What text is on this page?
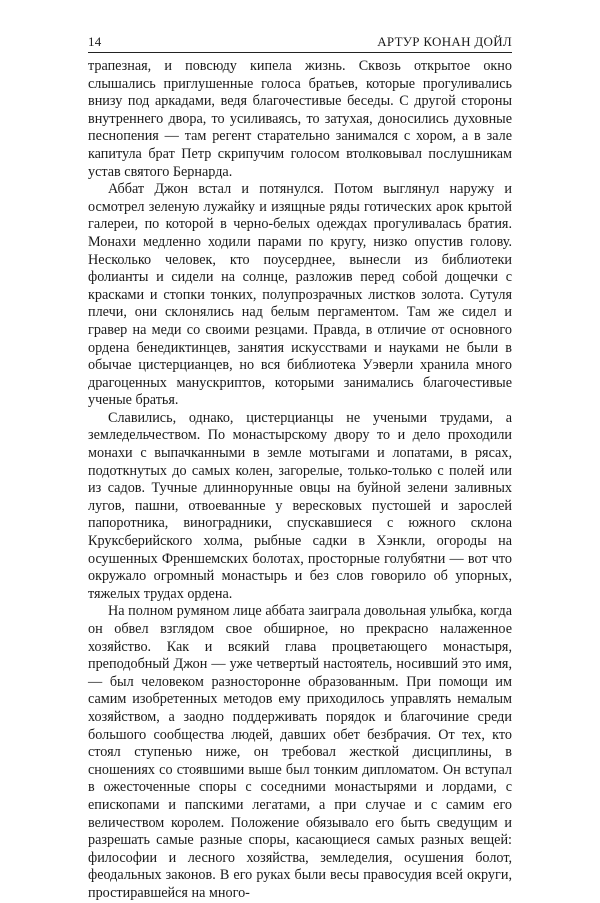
14	АРТУР КОНАН ДОЙЛ

трапезная, и повсюду кипела жизнь. Сквозь открытое окно слышались приглушенные голоса братьев, которые прогуливались внизу под аркадами, ведя благочестивые беседы. С другой стороны внутреннего двора, то усиливаясь, то затухая, доносились духовные песнопения — там регент старательно занимался с хором, а в зале капитула брат Петр скрипучим голосом втолковывал послушникам устав святого Бернарда.

Аббат Джон встал и потянулся. Потом выглянул наружу и осмотрел зеленую лужайку и изящные ряды готических арок крытой галереи, по которой в черно-белых одеждах прогуливалась братия. Монахи медленно ходили парами по кругу, низко опустив голову. Несколько человек, кто поусерднее, вынесли из библиотеки фолианты и сидели на солнце, разложив перед собой дощечки с красками и стопки тонких, полупрозрачных листков золота. Сутуля плечи, они склонялись над белым пергаментом. Там же сидел и гравер на меди со своими резцами. Правда, в отличие от основного ордена бенедиктинцев, занятия искусствами и науками не были в обычае цистерцианцев, но вся библиотека Уэверли хранила много драгоценных манускриптов, которыми занимались благочестивые ученые братья.

Славились, однако, цистерцианцы не учеными трудами, а земледельчеством. По монастырскому двору то и дело проходили монахи с выпачканными в земле мотыгами и лопатами, в рясах, подоткнутых до самых колен, загорелые, только-только с полей или из садов. Тучные длиннорунные овцы на буйной зелени заливных лугов, пашни, отвоеванные у вересковых пустошей и зарослей папоротника, виноградники, спускавшиеся с южного склона Круксберийского холма, рыбные садки в Хэнкли, огороды на осушенных Френшемских болотах, просторные голубятни — вот что окружало огромный монастырь и без слов говорило об упорных, тяжелых трудах ордена.

На полном румяном лице аббата заиграла довольная улыбка, когда он обвел взглядом свое обширное, но прекрасно налаженное хозяйство. Как и всякий глава процветающего монастыря, преподобный Джон — уже четвертый настоятель, носивший это имя, — был человеком разносторонне образованным. При помощи им самим изобретенных методов ему приходилось управлять немалым хозяйством, а заодно поддерживать порядок и благочиние среди большого сообщества людей, давших обет безбрачия. От тех, кто стоял ступенью ниже, он требовал жесткой дисциплины, в сношениях со стоявшими выше был тонким дипломатом. Он вступал в ожесточенные споры с соседними монастырями и лордами, с епископами и папскими легатами, а при случае и с самим его величеством королем. Положение обязывало его быть сведущим и разрешать самые разные споры, касающиеся самых разных вещей: философии и лесного хозяйства, земледелия, осушения болот, феодальных законов. В его руках были весы правосудия всей округи, простиравшейся на много-
